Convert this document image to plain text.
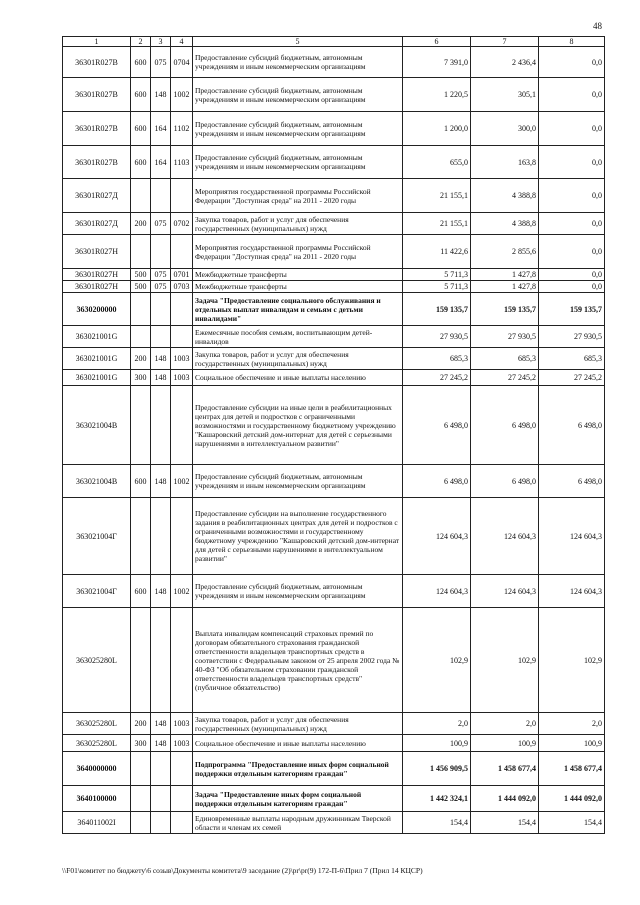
48
1	2	3	4	5	6	7	8
36301R027B	600	075	0704	Предоставление субсидий бюджетным, автономным учреждениям и иным некоммерческим организациям	7 391,0	2 436,4	0,0
36301R027B	600	148	1002	Предоставление субсидий бюджетным, автономным учреждениям и иным некоммерческим организациям	1 220,5	305,1	0,0
36301R027B	600	164	1102	Предоставление субсидий бюджетным, автономным учреждениям и иным некоммерческим организациям	1 200,0	300,0	0,0
36301R027B	600	164	1103	Предоставление субсидий бюджетным, автономным учреждениям и иным некоммерческим организациям	655,0	163,8	0,0
36301R027Д				Мероприятия государственной программы Российской Федерации "Доступная среда" на 2011 - 2020 годы	21 155,1	4 388,8	0,0
36301R027Д	200	075	0702	Закупка товаров, работ и услуг для обеспечения государственных (муниципальных) нужд	21 155,1	4 388,8	0,0
36301R027H				Мероприятия государственной программы Российской Федерации "Доступная среда" на 2011 - 2020 годы	11 422,6	2 855,6	0,0
36301R027H	500	075	0701	Межбюджетные трансферты	5 711,3	1 427,8	0,0
36301R027H	500	075	0703	Межбюджетные трансферты	5 711,3	1 427,8	0,0
3630200000				Задача "Предоставление социального обслуживания и отдельных выплат инвалидам и семьям с детьми инвалидами"	159 135,7	159 135,7	159 135,7
363021001G				Ежемесячные пособия семьям, воспитывающим детей-инвалидов	27 930,5	27 930,5	27 930,5
363021001G	200	148	1003	Закупка товаров, работ и услуг для обеспечения государственных (муниципальных) нужд	685,3	685,3	685,3
363021001G	300	148	1003	Социальное обеспечение и иные выплаты населению	27 245,2	27 245,2	27 245,2
363021004B				Предоставление субсидии на иные цели в реабилитационных центрах для детей и подростков с ограниченными возможностями и государственному бюджетному учреждению "Кашаровский детский дом-интернат для детей с серьезными нарушениями в интеллектуальном развитии"	6 498,0	6 498,0	6 498,0
363021004B	600	148	1002	Предоставление субсидий бюджетным, автономным учреждениям и иным некоммерческим организациям	6 498,0	6 498,0	6 498,0
363021004Г				Предоставление субсидии на выполнение государственного задания в реабилитационных центрах для детей и подростков с ограниченными возможностями и государственному бюджетному учреждению "Кашаровский детский дом-интернат для детей с серьезными нарушениями в интеллектуальном развитии"	124 604,3	124 604,3	124 604,3
363021004Г	600	148	1002	Предоставление субсидий бюджетным, автономным учреждениям и иным некоммерческим организациям	124 604,3	124 604,3	124 604,3
363025280L				Выплата инвалидам компенсаций страховых премий по договорам обязательного страхования гражданской ответственности владельцев транспортных средств в соответствии с Федеральным законом от 25 апреля 2002 года № 40-ФЗ "Об обязательном страховании гражданской ответственности владельцев транспортных средств" (публичное обязательство)	102,9	102,9	102,9
363025280L	200	148	1003	Закупка товаров, работ и услуг для обеспечения государственных (муниципальных) нужд	2,0	2,0	2,0
363025280L	300	148	1003	Социальное обеспечение и иные выплаты населению	100,9	100,9	100,9
3640000000				Подпрограмма "Предоставление иных форм социальной поддержки отдельным категориям граждан"	1 456 909,5	1 458 677,4	1 458 677,4
3640100000				Задача "Предоставление иных форм социальной поддержки отдельным категориям граждан"	1 442 324,1	1 444 092,0	1 444 092,0
364011002I				Единовременные выплаты народным дружинникам Тверской области и членам их семей	154,4	154,4	154,4
\\F01\комитет по бюджету\6 созыв\Документы комитета\9 заседание (2)\pr\pr(9) 172-П-6\Прил 7 (Прил 14 КЦСР)
